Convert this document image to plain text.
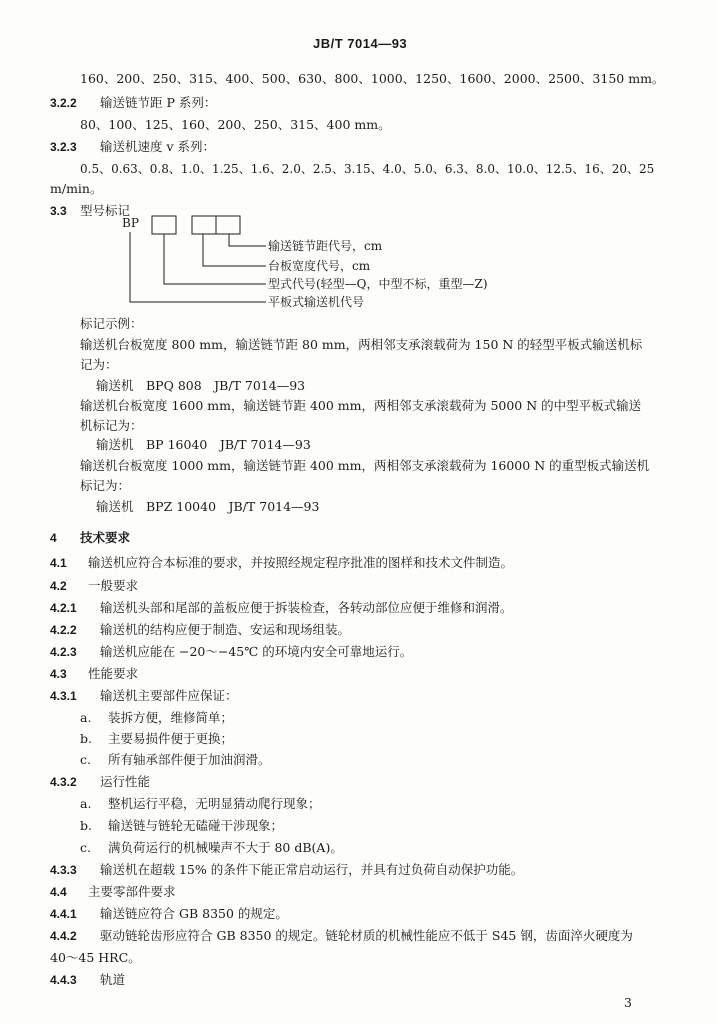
JB/T 7014—93
160、200、250、315、400、500、630、800、1000、1250、1600、2000、2500、3150 mm。
3.2.2 输送链节距 P 系列：
80、100、125、160、200、250、315、400 mm。
3.2.3 输送机速度 v 系列：
0.5、0.63、0.8、1.0、1.25、1.6、2.0、2.5、3.15、4.0、5.0、6.3、8.0、10.0、12.5、16、20、25
m/min。
3.3 型号标记
BP
输送链节距代号，cm
台板宽度代号，cm
型式代号(轻型—Q，中型不标，重型—Z)
平板式输送机代号
标记示例：
输送机台板宽度 800 mm，输送链节距 80 mm，两相邻支承滚载荷为 150 N 的轻型平板式输送机标
记为：
输送机　BPQ 808　JB/T 7014—93
输送机台板宽度 1600 mm，输送链节距 400 mm，两相邻支承滚载荷为 5000 N 的中型平板式输送
机标记为：
输送机　BP 16040　JB/T 7014—93
输送机台板宽度 1000 mm，输送链节距 400 mm，两相邻支承滚载荷为 16000 N 的重型板式输送机
标记为：
输送机　BPZ 10040　JB/T 7014—93
4 技术要求
4.1 输送机应符合本标准的要求，并按照经规定程序批准的图样和技术文件制造。
4.2 一般要求
4.2.1 输送机头部和尾部的盖板应便于拆装检查，各转动部位应便于维修和润滑。
4.2.2 输送机的结构应便于制造、安运和现场组装。
4.2.3 输送机应能在 −20～−45℃ 的环境内安全可靠地运行。
4.3 性能要求
4.3.1 输送机主要部件应保证：
a. 装拆方便，维修简单；
b. 主要易损件便于更换；
c. 所有轴承部件便于加油润滑。
4.3.2 运行性能
a. 整机运行平稳，无明显猜动爬行现象；
b. 输送链与链轮无磕碰干涉现象；
c. 满负荷运行的机械噪声不大于 80 dB(A)。
4.3.3 输送机在超载 15% 的条件下能正常启动运行，并具有过负荷自动保护功能。
4.4 主要零部件要求
4.4.1 输送链应符合 GB 8350 的规定。
4.4.2 驱动链轮齿形应符合 GB 8350 的规定。链轮材质的机械性能应不低于 S45 钢，齿面淬火硬度为
40～45 HRC。
4.4.3 轨道
3
